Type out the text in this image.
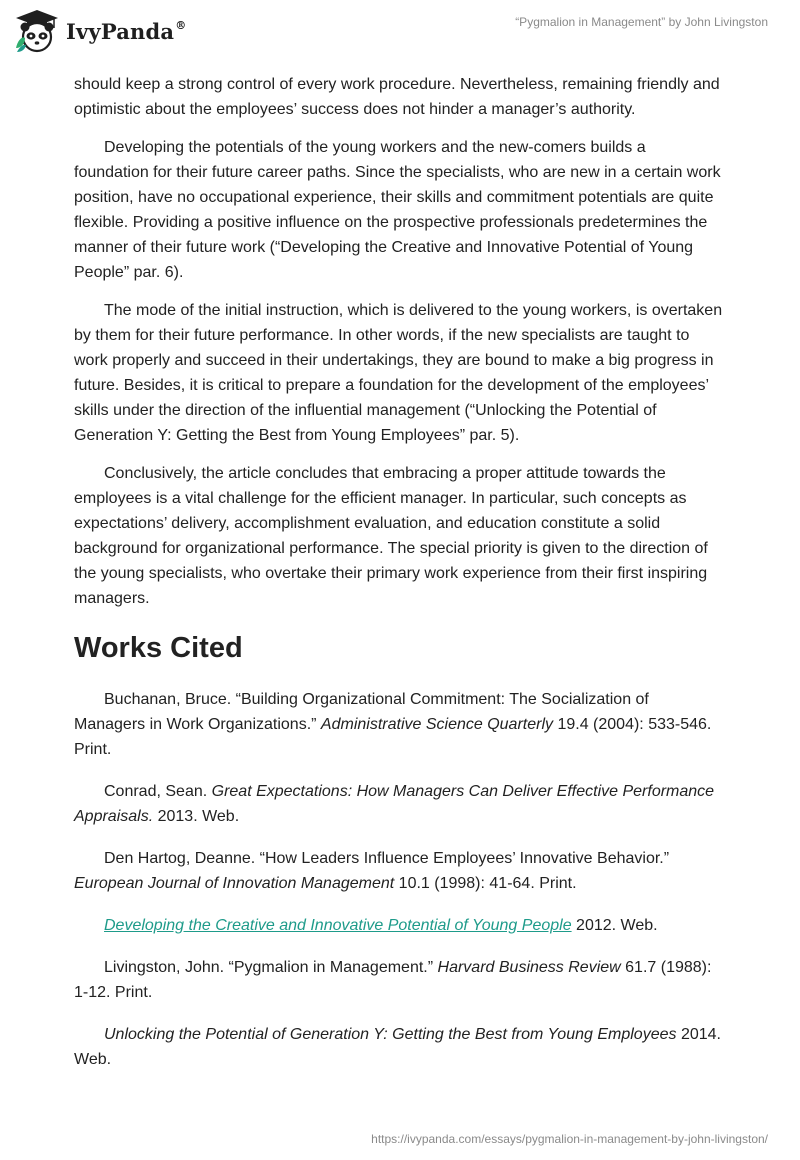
IvyPanda®	“Pygmalion in Management” by John Livingston

should keep a strong control of every work procedure. Nevertheless, remaining friendly and optimistic about the employees’ success does not hinder a manager’s authority.

Developing the potentials of the young workers and the new-comers builds a foundation for their future career paths. Since the specialists, who are new in a certain work position, have no occupational experience, their skills and commitment potentials are quite flexible. Providing a positive influence on the prospective professionals predetermines the manner of their future work (“Developing the Creative and Innovative Potential of Young People” par. 6).

The mode of the initial instruction, which is delivered to the young workers, is overtaken by them for their future performance. In other words, if the new specialists are taught to work properly and succeed in their undertakings, they are bound to make a big progress in future. Besides, it is critical to prepare a foundation for the development of the employees’ skills under the direction of the influential management (“Unlocking the Potential of Generation Y: Getting the Best from Young Employees” par. 5).

Conclusively, the article concludes that embracing a proper attitude towards the employees is a vital challenge for the efficient manager. In particular, such concepts as expectations’ delivery, accomplishment evaluation, and education constitute a solid background for organizational performance. The special priority is given to the direction of the young specialists, who overtake their primary work experience from their first inspiring managers.

Works Cited

Buchanan, Bruce. “Building Organizational Commitment: The Socialization of Managers in Work Organizations.” Administrative Science Quarterly 19.4 (2004): 533-546. Print.

Conrad, Sean. Great Expectations: How Managers Can Deliver Effective Performance Appraisals. 2013. Web.

Den Hartog, Deanne. “How Leaders Influence Employees’ Innovative Behavior.” European Journal of Innovation Management 10.1 (1998): 41-64. Print.

Developing the Creative and Innovative Potential of Young People 2012. Web.

Livingston, John. “Pygmalion in Management.” Harvard Business Review 61.7 (1988): 1-12. Print.

Unlocking the Potential of Generation Y: Getting the Best from Young Employees 2014. Web.

https://ivypanda.com/essays/pygmalion-in-management-by-john-livingston/
